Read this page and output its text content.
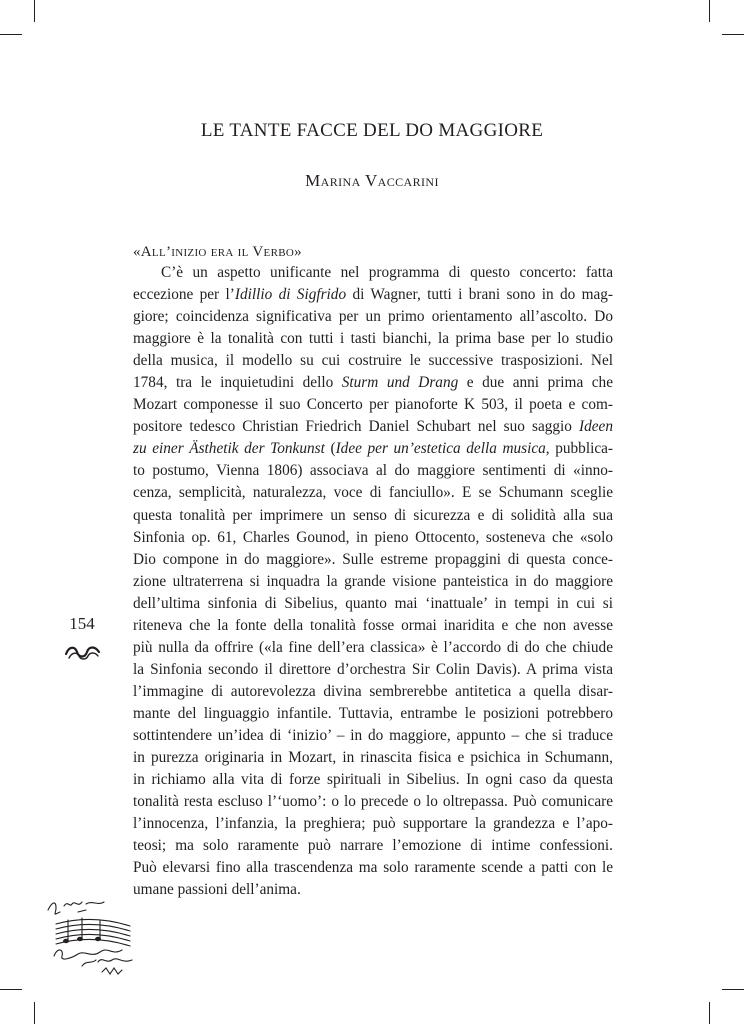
LE TANTE FACCE DEL DO MAGGIORE
Marina Vaccarini
«All’inizio era il Verbo»
C’è un aspetto unificante nel programma di questo concerto: fatta
eccezione per l’Idillio di Sigfrido di Wagner, tutti i brani sono in do mag-
giore; coincidenza significativa per un primo orientamento all’ascolto. Do
maggiore è la tonalità con tutti i tasti bianchi, la prima base per lo studio
della musica, il modello su cui costruire le successive trasposizioni. Nel
1784, tra le inquietudini dello Sturm und Drang e due anni prima che
Mozart componesse il suo Concerto per pianoforte K 503, il poeta e com-
positore tedesco Christian Friedrich Daniel Schubart nel suo saggio Ideen
zu einer Ästhetik der Tonkunst (Idee per un’estetica della musica, pubblica-
to postumo, Vienna 1806) associava al do maggiore sentimenti di «inno-
cenza, semplicità, naturalezza, voce di fanciullo». E se Schumann sceglie
questa tonalità per imprimere un senso di sicurezza e di solidità alla sua
Sinfonia op. 61, Charles Gounod, in pieno Ottocento, sosteneva che «solo
Dio compone in do maggiore». Sulle estreme propaggini di questa conce-
zione ultraterrena si inquadra la grande visione panteistica in do maggiore
dell’ultima sinfonia di Sibelius, quanto mai ‘inattuale’ in tempi in cui si
riteneva che la fonte della tonalità fosse ormai inaridita e che non avesse
più nulla da offrire («la fine dell’era classica» è l’accordo di do che chiude
la Sinfonia secondo il direttore d’orchestra Sir Colin Davis). A prima vista
l’immagine di autorevolezza divina sembrerebbe antitetica a quella disar-
mante del linguaggio infantile. Tuttavia, entrambe le posizioni potrebbero
sottintendere un’idea di ‘inizio’ – in do maggiore, appunto – che si traduce
in purezza originaria in Mozart, in rinascita fisica e psichica in Schumann,
in richiamo alla vita di forze spirituali in Sibelius. In ogni caso da questa
tonalità resta escluso l’‘uomo’: o lo precede o lo oltrepassa. Può comunicare
l’innocenza, l’infanzia, la preghiera; può supportare la grandezza e l’apo-
teosi; ma solo raramente può narrare l’emozione di intime confessioni.
Può elevarsi fino alla trascendenza ma solo raramente scende a patti con le
umane passioni dell’anima.
154
